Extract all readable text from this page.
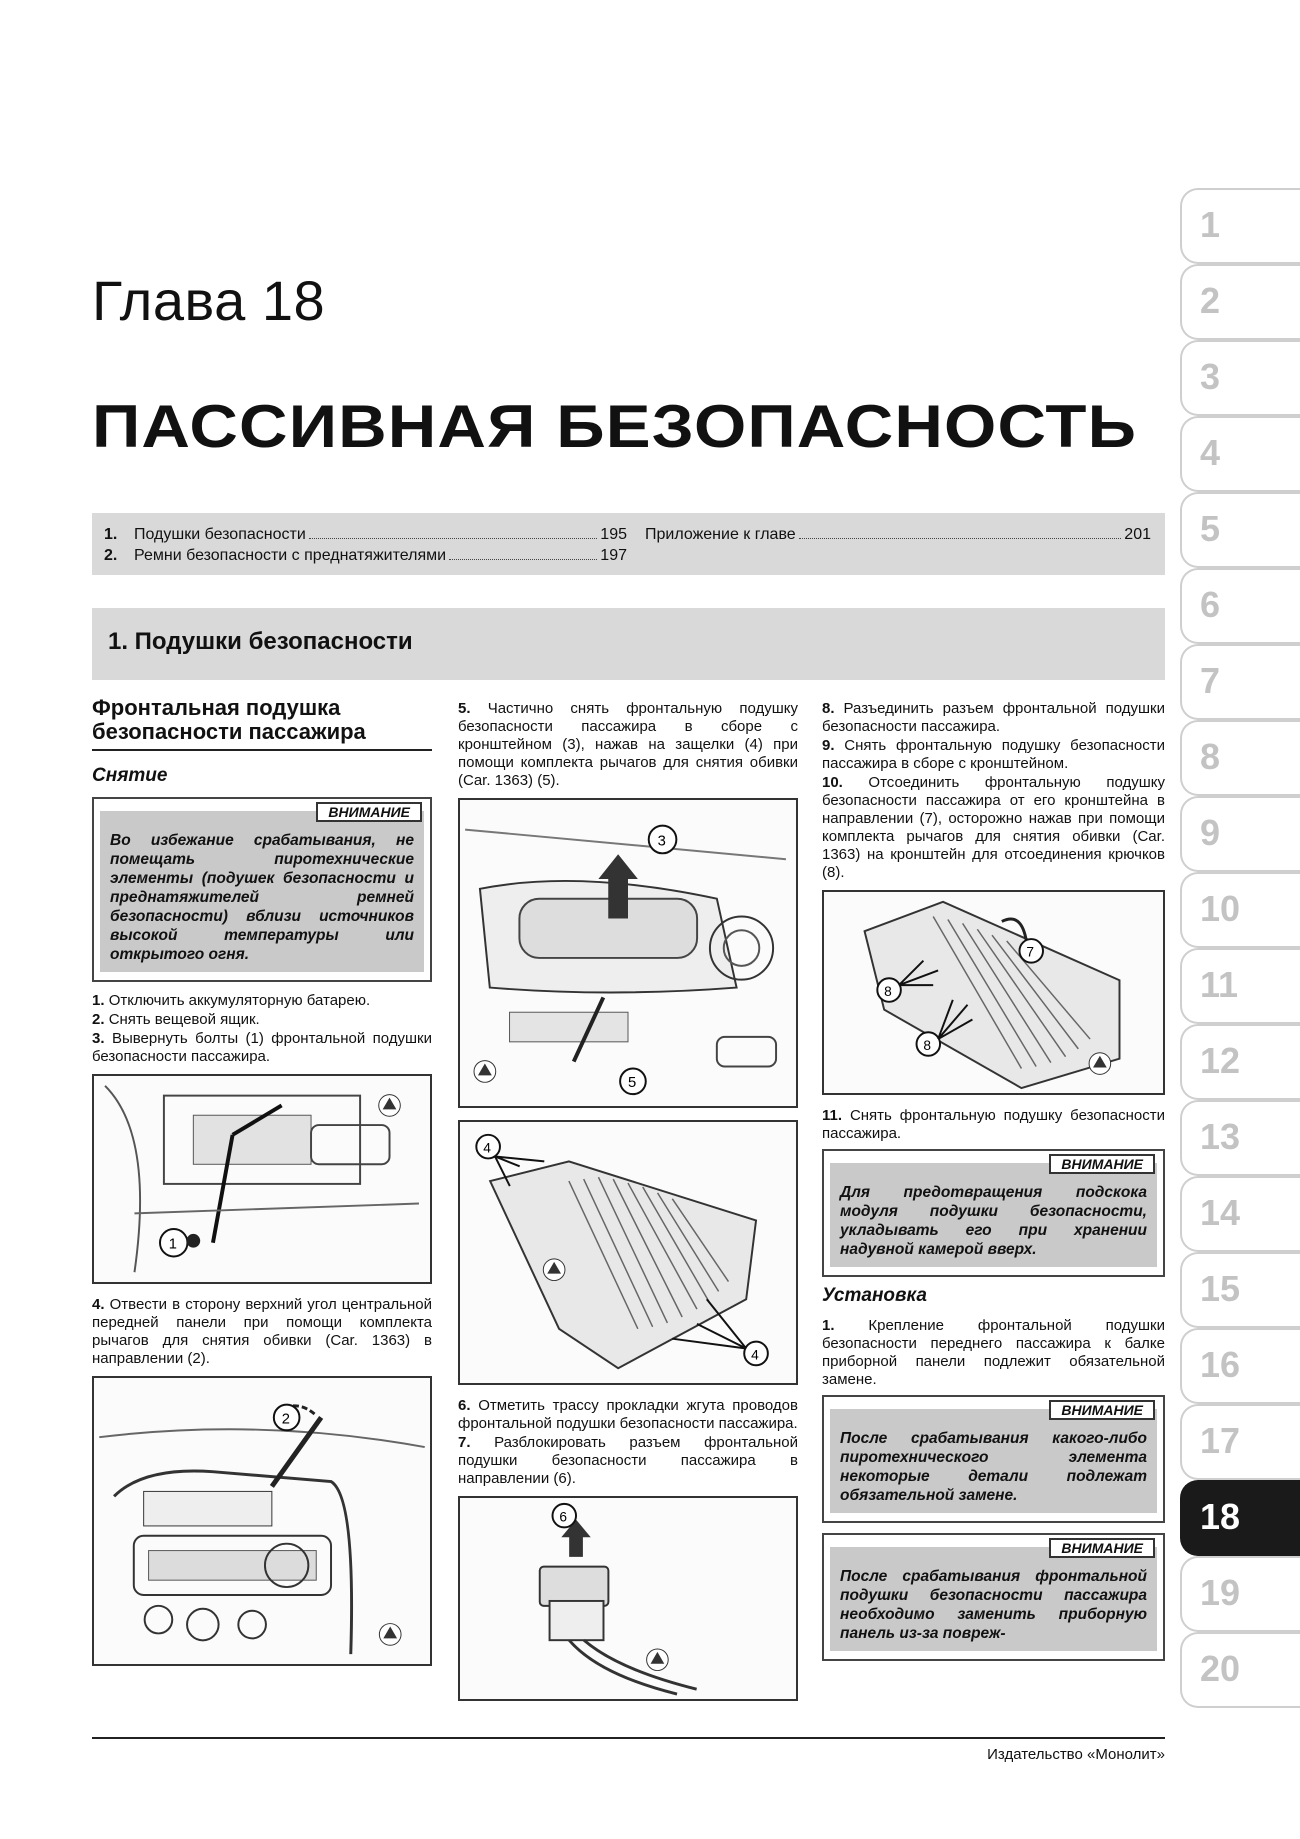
Глава 18
ПАССИВНАЯ БЕЗОПАСНОСТЬ
1.	Подушки безопасности	195
2.	Ремни безопасности с преднатяжителями	197
Приложение к главе	201
1. Подушки безопасности
Фронтальная подушка безопасности пассажира
Снятие
ВНИМАНИЕ
Во избежание срабатывания, не помещать пиротехнические элементы (подушек безопасности и преднатяжителей ремней безопасности) вблизи источников высокой температуры или открытого огня.

1. Отключить аккумуляторную батарею.

2. Снять вещевой ящик.

3. Вывернуть болты (1) фронтальной подушки безопасности пассажира.

1

4. Отвести в сторону верхний угол центральной передней панели при помощи комплекта рычагов для снятия обивки (Car. 1363) в направлении (2).

2

5. Частично снять фронтальную подушку безопасности пассажира в сборе с кронштейном (3), нажав на защелки (4) при помощи комплекта рычагов для снятия обивки (Car. 1363) (5).

3
5
4
4

6. Отметить трассу прокладки жгута проводов фронтальной подушки безопасности пассажира.

7. Разблокировать разъем фронтальной подушки безопасности пассажира в направлении (6).

6

8. Разъединить разъем фронтальной подушки безопасности пассажира.

9. Снять фронтальную подушку безопасности пассажира в сборе с кронштейном.

10. Отсоединить фронтальную подушку безопасности пассажира от его кронштейна в направлении (7), осторожно нажав при помощи комплекта рычагов для снятия обивки (Car. 1363) на кронштейн для отсоединения крючков (8).

7
8
8

11. Снять фронтальную подушку безопасности пассажира.

ВНИМАНИЕ
Для предотвращения подскока модуля подушки безопасности, укладывать его при хранении надувной камерой вверх.
Установка

1. Крепление фронтальной подушки безопасности переднего пассажира к балке приборной панели подлежит обязательной замене.

ВНИМАНИЕ
После срабатывания какого-либо пиротехнического элемента некоторые детали подлежат обязательной замене.
ВНИМАНИЕ
После срабатывания фронтальной подушки безопасности пассажира необходимо заменить приборную панель из-за повреж-
1
2
3
4
5
6
7
8
9
10
11
12
13
14
15
16
17
18
19
20
Издательство «Монолит»
